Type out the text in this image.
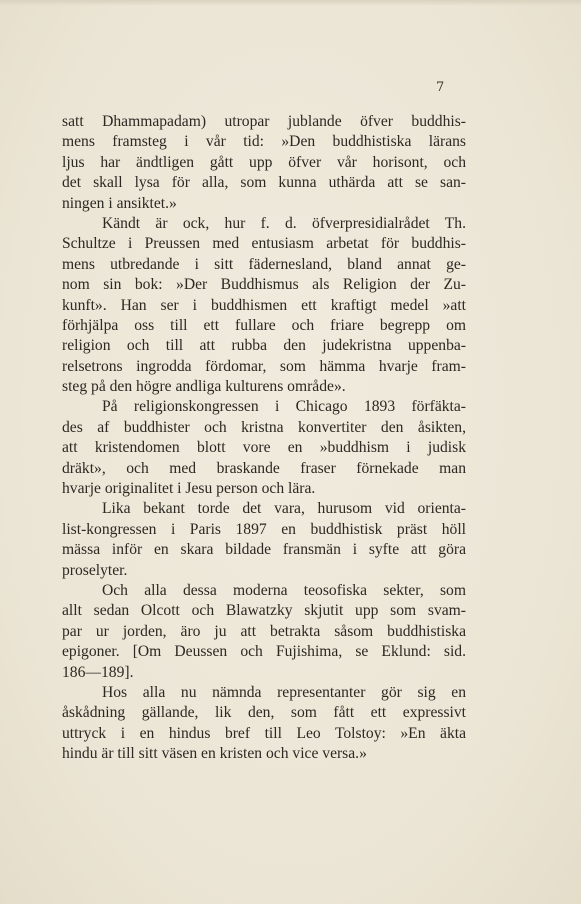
7
satt Dhammapadam) utropar jublande öfver buddhis-
mens framsteg i vår tid: »Den buddhistiska lärans
ljus har ändtligen gått upp öfver vår horisont, och
det skall lysa för alla, som kunna uthärda att se san-
ningen i ansiktet.»
Kändt är ock, hur f. d. öfverpresidialrådet Th.
Schultze i Preussen med entusiasm arbetat för buddhis-
mens utbredande i sitt fädernesland, bland annat ge-
nom sin bok: »Der Buddhismus als Religion der Zu-
kunft». Han ser i buddhismen ett kraftigt medel »att
förhjälpa oss till ett fullare och friare begrepp om
religion och till att rubba den judekristna uppenba-
relsetrons ingrodda fördomar, som hämma hvarje fram-
steg på den högre andliga kulturens område».
På religionskongressen i Chicago 1893 förfäkta-
des af buddhister och kristna konvertiter den åsikten,
att kristendomen blott vore en »buddhism i judisk
dräkt», och med braskande fraser förnekade man
hvarje originalitet i Jesu person och lära.
Lika bekant torde det vara, hurusom vid orienta-
list-kongressen i Paris 1897 en buddhistisk präst höll
mässa inför en skara bildade fransmän i syfte att göra
proselyter.
Och alla dessa moderna teosofiska sekter, som
allt sedan Olcott och Blawatzky skjutit upp som svam-
par ur jorden, äro ju att betrakta såsom buddhistiska
epigoner. [Om Deussen och Fujishima, se Eklund: sid.
186—189].
Hos alla nu nämnda representanter gör sig en
åskådning gällande, lik den, som fått ett expressivt
uttryck i en hindus bref till Leo Tolstoy: »En äkta
hindu är till sitt väsen en kristen och vice versa.»
